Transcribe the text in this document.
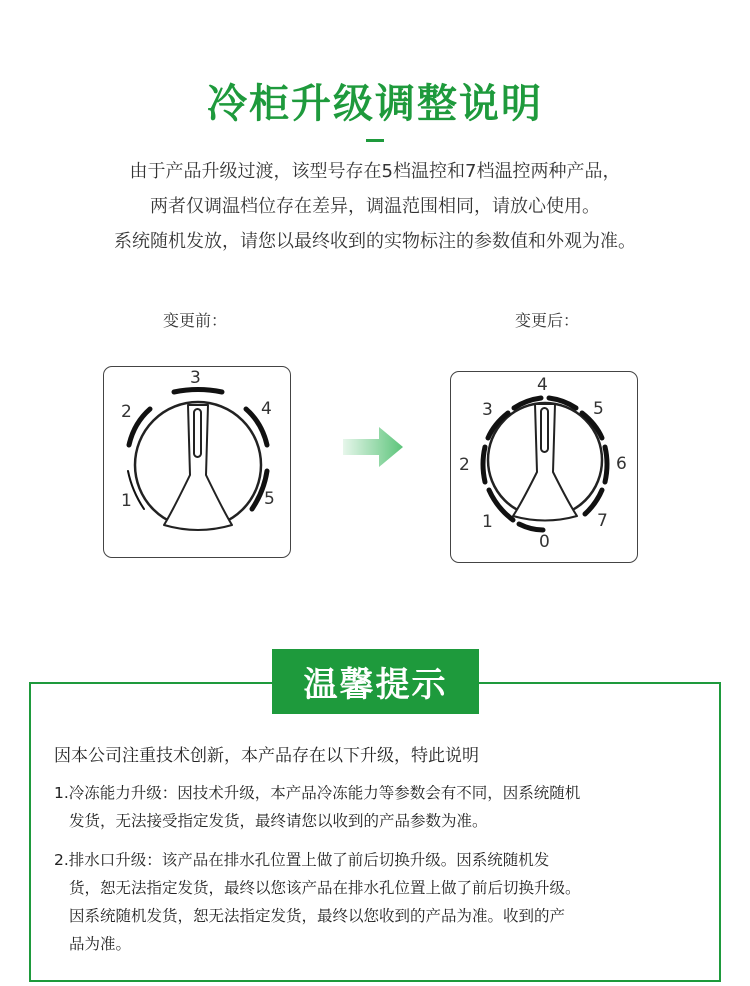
冷柜升级调整说明
由于产品升级过渡，该型号存在5档温控和7档温控两种产品，
两者仅调温档位存在差异，调温范围相同，请放心使用。
系统随机发放，请您以最终收到的实物标注的参数值和外观为准。
变更前：	变更后：
3
2	4
1	5
4
3	5
2	6
1	7
0
温馨提示
因本公司注重技术创新，本产品存在以下升级，特此说明
1.冷冻能力升级：因技术升级，本产品冷冻能力等参数会有不同，因系统随机
发货，无法接受指定发货，最终请您以收到的产品参数为准。
2.排水口升级：该产品在排水孔位置上做了前后切换升级。因系统随机发
货，恕无法指定发货，最终以您该产品在排水孔位置上做了前后切换升级。
因系统随机发货，恕无法指定发货，最终以您收到的产品为准。收到的产
品为准。
